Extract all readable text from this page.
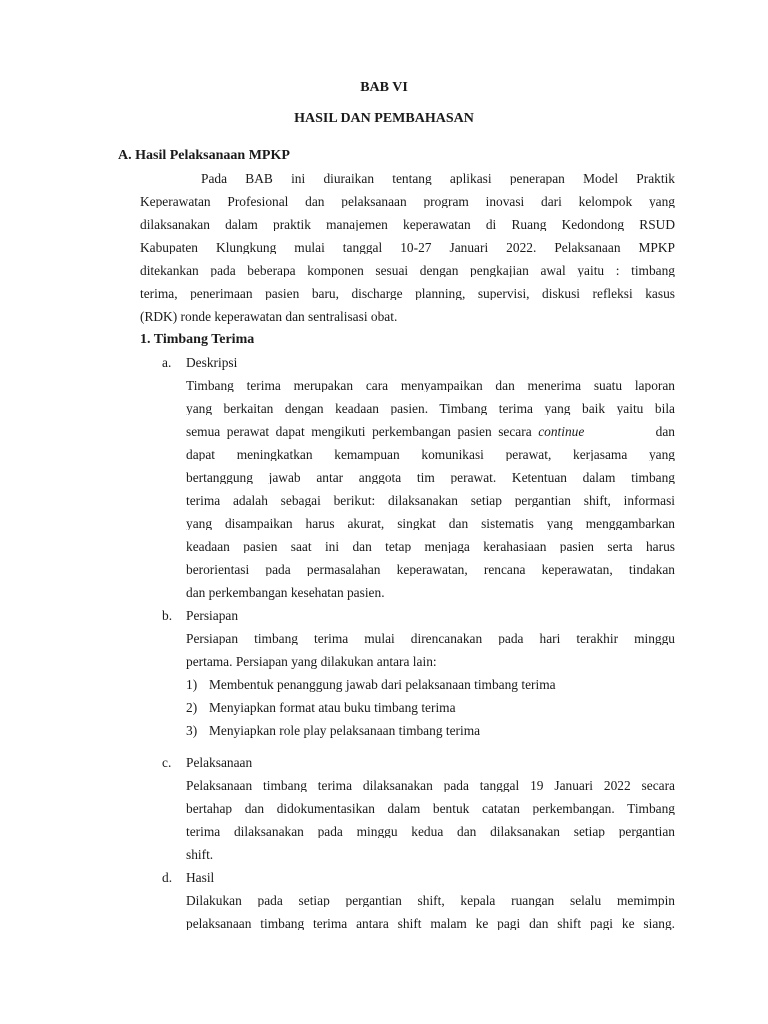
BAB VI
HASIL DAN PEMBAHASAN
A. Hasil Pelaksanaan MPKP
Pada BAB ini diuraikan tentang aplikasi penerapan Model Praktik
Keperawatan Profesional dan pelaksanaan program inovasi dari kelompok yang
dilaksanakan dalam praktik manajemen keperawatan di Ruang Kedondong RSUD
Kabupaten Klungkung mulai tanggal 10-27 Januari 2022. Pelaksanaan MPKP
ditekankan pada beberapa komponen sesuai dengan pengkajian awal yaitu : timbang
terima, penerimaan pasien baru, discharge planning, supervisi, diskusi refleksi kasus
(RDK) ronde keperawatan dan sentralisasi obat.
1. Timbang Terima
a. Deskripsi
Timbang terima merupakan cara menyampaikan dan menerima suatu laporan
yang berkaitan dengan keadaan pasien. Timbang terima yang baik yaitu bila
semua perawat dapat mengikuti perkembangan pasien secara continue	dan
dapat meningkatkan kemampuan komunikasi perawat, kerjasama yang
bertanggung jawab antar anggota tim perawat. Ketentuan dalam timbang
terima adalah sebagai berikut: dilaksanakan setiap pergantian shift, informasi
yang disampaikan harus akurat, singkat dan sistematis yang menggambarkan
keadaan pasien saat ini dan tetap menjaga kerahasiaan pasien serta harus
berorientasi pada permasalahan keperawatan, rencana keperawatan, tindakan
dan perkembangan kesehatan pasien.
b. Persiapan
Persiapan timbang terima mulai direncanakan pada hari terakhir minggu
pertama. Persiapan yang dilakukan antara lain:
1) Membentuk penanggung jawab dari pelaksanaan timbang terima
2) Menyiapkan format atau buku timbang terima
3) Menyiapkan role play pelaksanaan timbang terima
c. Pelaksanaan
Pelaksanaan timbang terima dilaksanakan pada tanggal 19 Januari 2022 secara
bertahap dan didokumentasikan dalam bentuk catatan perkembangan. Timbang
terima dilaksanakan pada minggu kedua dan dilaksanakan setiap pergantian
shift.
d. Hasil
Dilakukan pada setiap pergantian shift, kepala ruangan selalu memimpin
pelaksanaan timbang terima antara shift malam ke pagi dan shift pagi ke siang.
